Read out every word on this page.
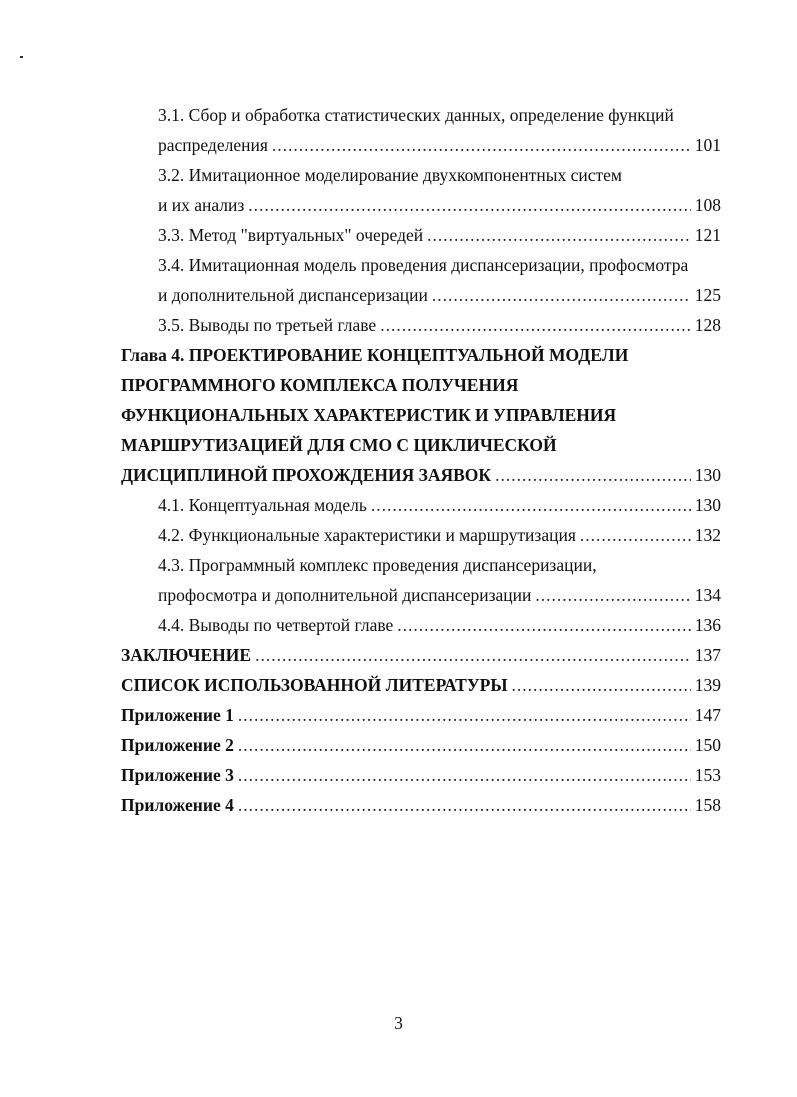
3.1. Сбор и обработка статистических данных, определение функций
распределения .....	101
3.2. Имитационное моделирование двухкомпонентных систем
и их анализ .....	108
3.3. Метод "виртуальных" очередей .....	121
3.4. Имитационная модель проведения диспансеризации, профосмотра
и дополнительной диспансеризации .....	125
3.5. Выводы по третьей главе .....	128
Глава 4. ПРОЕКТИРОВАНИЕ КОНЦЕПТУАЛЬНОЙ МОДЕЛИ
ПРОГРАММНОГО КОМПЛЕКСА ПОЛУЧЕНИЯ
ФУНКЦИОНАЛЬНЫХ ХАРАКТЕРИСТИК И УПРАВЛЕНИЯ
МАРШРУТИЗАЦИЕЙ ДЛЯ СМО С ЦИКЛИЧЕСКОЙ
ДИСЦИПЛИНОЙ ПРОХОЖДЕНИЯ ЗАЯВОК .....	130
4.1. Концептуальная модель .....	130
4.2. Функциональные характеристики и маршрутизация .....	132
4.3. Программный комплекс проведения диспансеризации,
профосмотра и дополнительной диспансеризации .....	134
4.4. Выводы по четвертой главе .....	136
ЗАКЛЮЧЕНИЕ .....	137
СПИСОК ИСПОЛЬЗОВАННОЙ ЛИТЕРАТУРЫ .....	139
Приложение 1 .....	147
Приложение 2 .....	150
Приложение 3 .....	153
Приложение 4 .....	158
3
